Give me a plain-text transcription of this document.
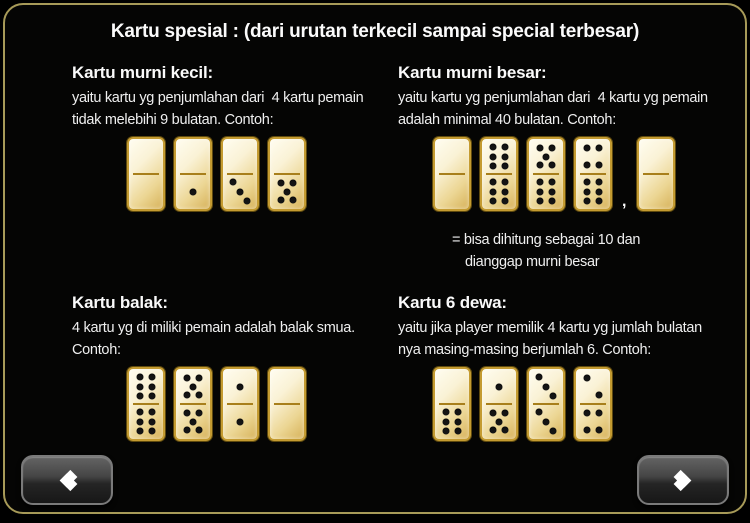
Kartu spesial : (dari urutan terkecil sampai special terbesar)
Kartu murni kecil:
yaitu kartu yg penjumlahan dari  4 kartu pemain
tidak melebihi 9 bulatan. Contoh:
Kartu murni besar:
yaitu kartu yg penjumlahan dari  4 kartu yg pemain
adalah minimal 40 bulatan. Contoh:
,
= bisa dihitung sebagai 10 dan
dianggap murni besar
Kartu balak:
4 kartu yg di miliki pemain adalah balak smua.
Contoh:
Kartu 6 dewa:
yaitu jika player memilik 4 kartu yg jumlah bulatan
nya masing-masing berjumlah 6. Contoh:
